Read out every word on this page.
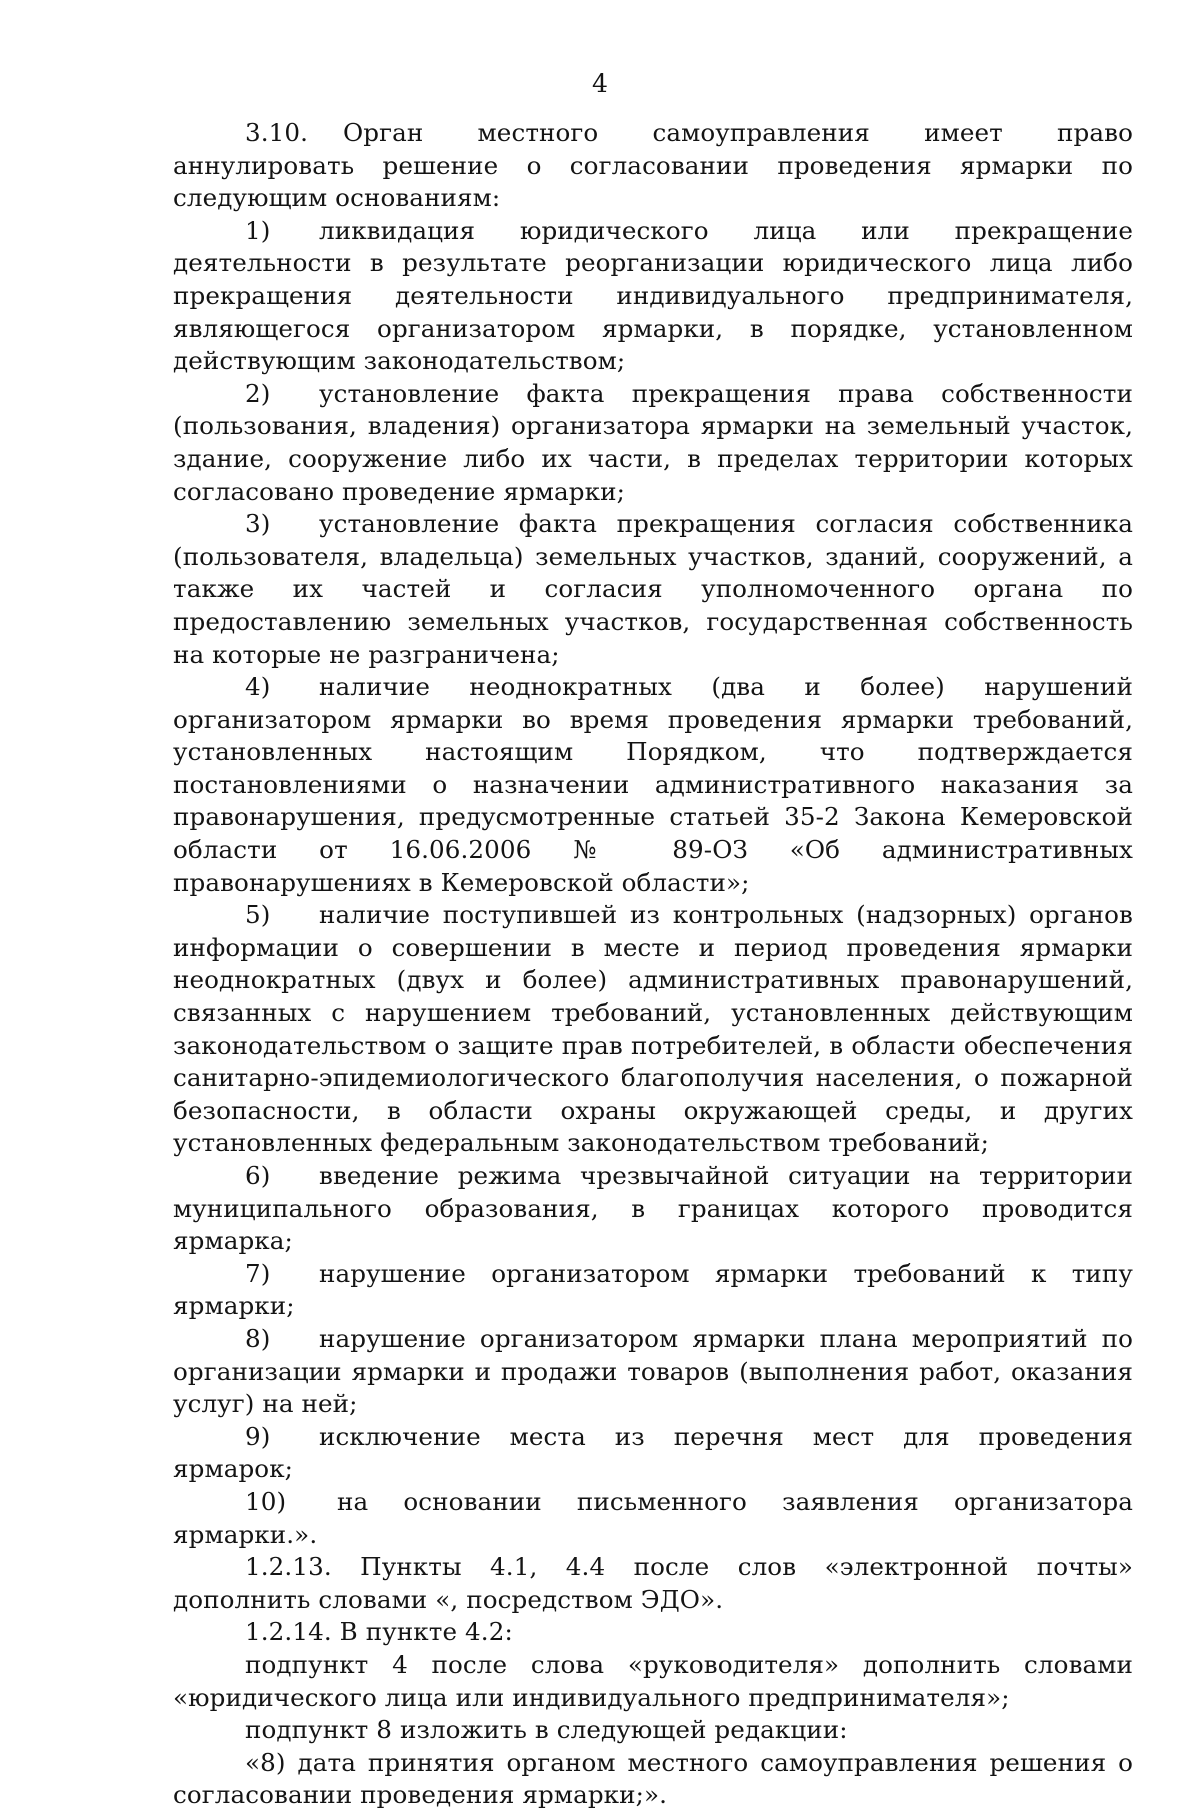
4

3.10. Орган местного самоуправления имеет право аннулировать решение о согласовании проведения ярмарки по следующим основаниям:

1) ликвидация юридического лица или прекращение деятельности в результате реорганизации юридического лица либо прекращения деятельности индивидуального предпринимателя, являющегося организатором ярмарки, в порядке, установленном действующим законодательством;

2) установление факта прекращения права собственности (пользования, владения) организатора ярмарки на земельный участок, здание, сооружение либо их части, в пределах территории которых согласовано проведение ярмарки;

3) установление факта прекращения согласия собственника (пользователя, владельца) земельных участков, зданий, сооружений, а также их частей и согласия уполномоченного органа по предоставлению земельных участков, государственная собственность на которые не разграничена;

4) наличие неоднократных (два и более) нарушений организатором ярмарки во время проведения ярмарки требований, установленных настоящим Порядком, что подтверждается постановлениями о назначении административного наказания за правонарушения, предусмотренные статьей 35-2 Закона Кемеровской области от 16.06.2006 № 89-ОЗ «Об административных правонарушениях в Кемеровской области»;

5) наличие поступившей из контрольных (надзорных) органов информации о совершении в месте и период проведения ярмарки неоднократных (двух и более) административных правонарушений, связанных с нарушением требований, установленных действующим законодательством о защите прав потребителей, в области обеспечения санитарно-эпидемиологического благополучия населения, о пожарной безопасности, в области охраны окружающей среды, и других установленных федеральным законодательством требований;

6) введение режима чрезвычайной ситуации на территории муниципального образования, в границах которого проводится ярмарка;

7) нарушение организатором ярмарки требований к типу ярмарки;

8) нарушение организатором ярмарки плана мероприятий по организации ярмарки и продажи товаров (выполнения работ, оказания услуг) на ней;

9) исключение места из перечня мест для проведения ярмарок;

10) на основании письменного заявления организатора ярмарки.».

1.2.13. Пункты 4.1, 4.4 после слов «электронной почты» дополнить словами «, посредством ЭДО».

1.2.14. В пункте 4.2:

подпункт 4 после слова «руководителя» дополнить словами «юридического лица или индивидуального предпринимателя»;

подпункт 8 изложить в следующей редакции:

«8) дата принятия органом местного самоуправления решения о согласовании проведения ярмарки;».
